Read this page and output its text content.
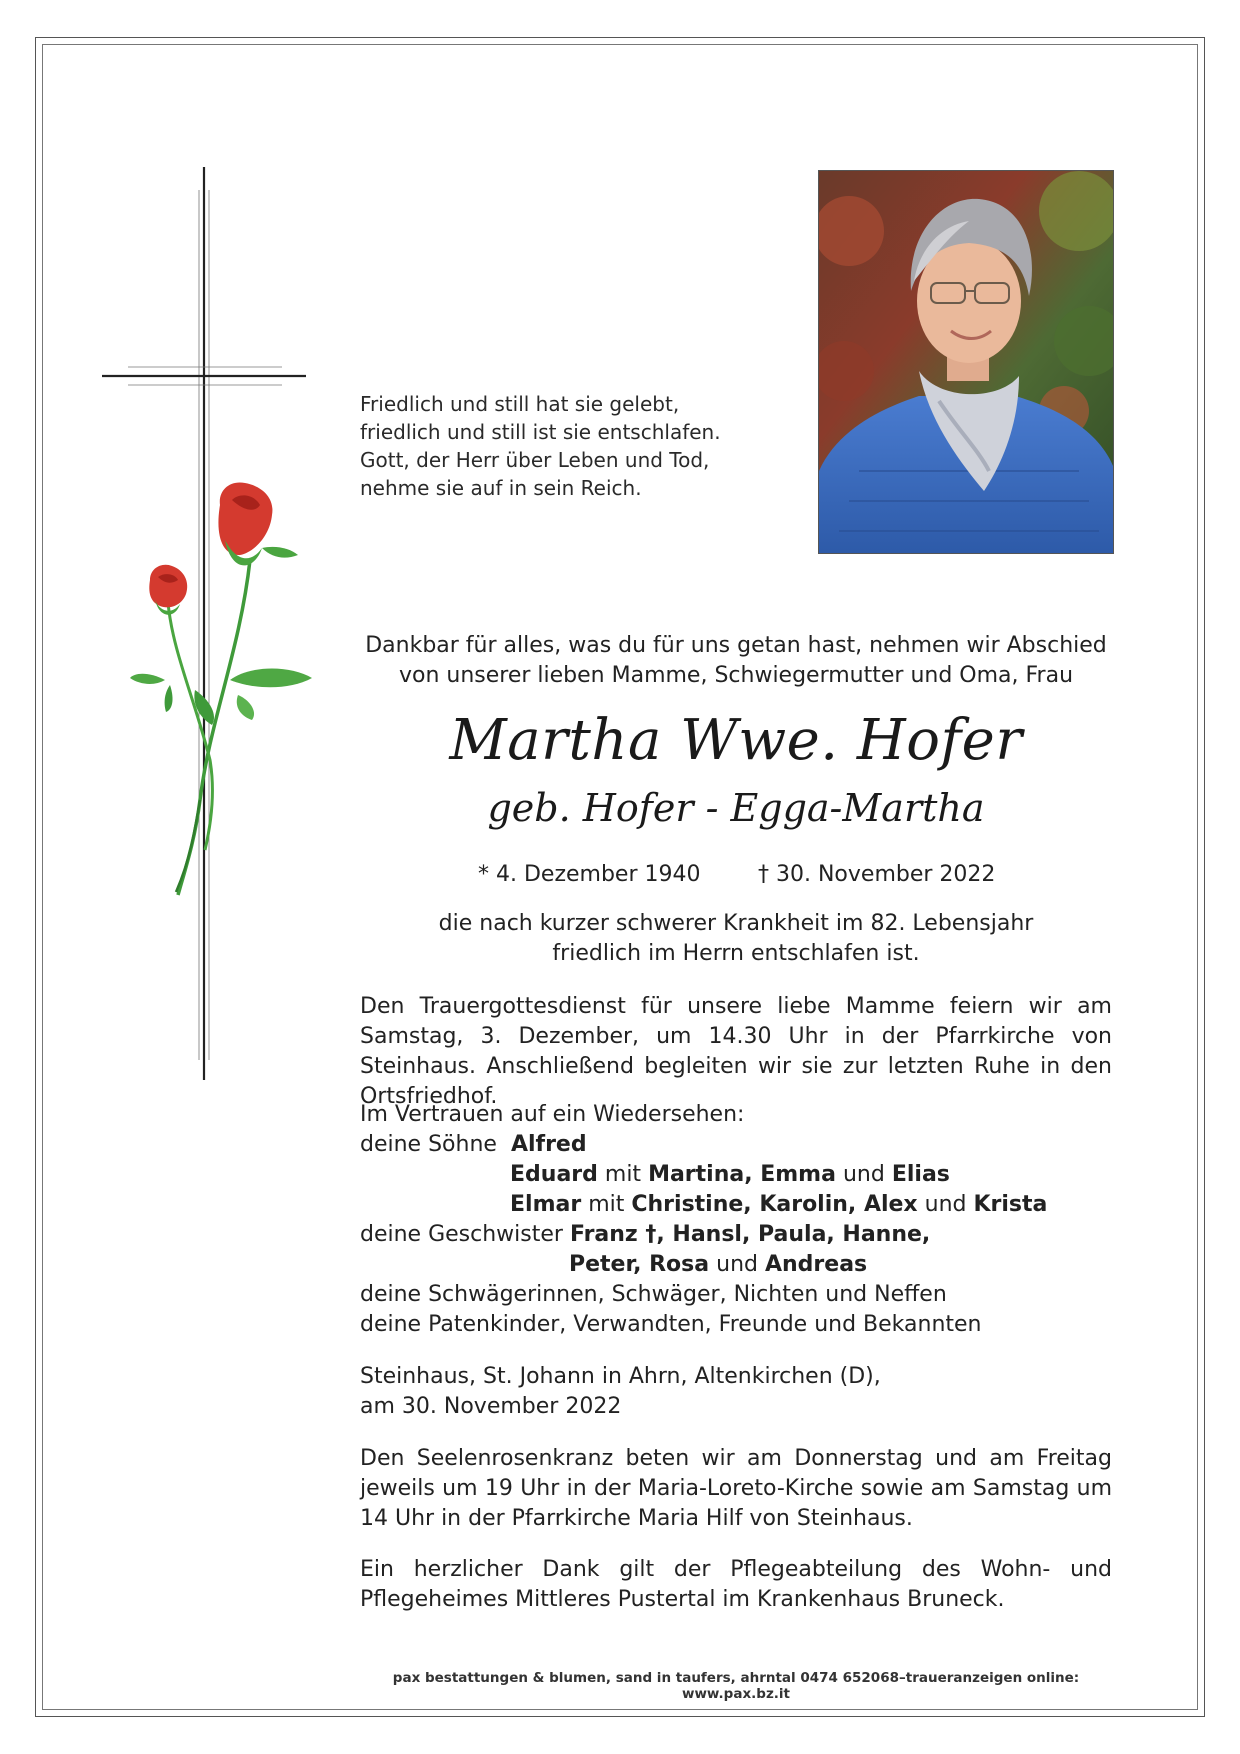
Friedlich und still hat sie gelebt,
friedlich und still ist sie entschlafen.
Gott, der Herr über Leben und Tod,
nehme sie auf in sein Reich.
Dankbar für alles, was du für uns getan hast, nehmen wir Abschied
von unserer lieben Mamme, Schwiegermutter und Oma, Frau
Martha Wwe. Hofer
geb. Hofer - Egga-Martha
* 4. Dezember 1940	† 30. November 2022
die nach kurzer schwerer Krankheit im 82. Lebensjahr
friedlich im Herrn entschlafen ist.
Den Trauergottesdienst für unsere liebe Mamme feiern wir am Samstag, 3. Dezember, um 14.30 Uhr in der Pfarrkirche von Steinhaus. Anschließend begleiten wir sie zur letzten Ruhe in den Ortsfriedhof.
Im Vertrauen auf ein Wiedersehen:
deine Söhne Alfred
Eduard mit Martina, Emma und Elias
Elmar mit Christine, Karolin, Alex und Krista
deine Geschwister Franz †, Hansl, Paula, Hanne,
Peter, Rosa und Andreas
deine Schwägerinnen, Schwäger, Nichten und Neffen
deine Patenkinder, Verwandten, Freunde und Bekannten
Steinhaus, St. Johann in Ahrn, Altenkirchen (D),
am 30. November 2022
Den Seelenrosenkranz beten wir am Donnerstag und am Freitag jeweils um 19 Uhr in der Maria-Loreto-Kirche sowie am Samstag um 14 Uhr in der Pfarrkirche Maria Hilf von Steinhaus.
Ein herzlicher Dank gilt der Pflegeabteilung des Wohn- und Pflegeheimes Mittleres Pustertal im Krankenhaus Bruneck.
pax bestattungen & blumen, sand in taufers, ahrntal 0474 652068–traueranzeigen online: www.pax.bz.it
